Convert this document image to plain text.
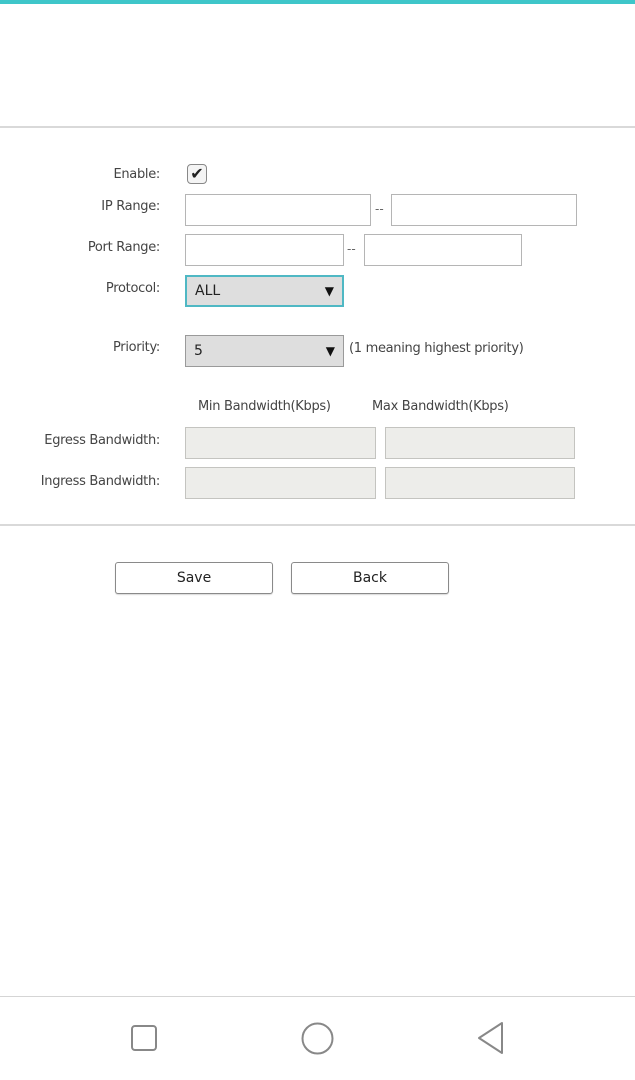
Enable: ✔
IP Range:	--
Port Range:	--
Protocol:	ALL	▼
Priority: 5	▼ (1 meaning highest priority)
Min Bandwidth(Kbps)	Max Bandwidth(Kbps)
Egress Bandwidth:
Ingress Bandwidth:
Save	Back
